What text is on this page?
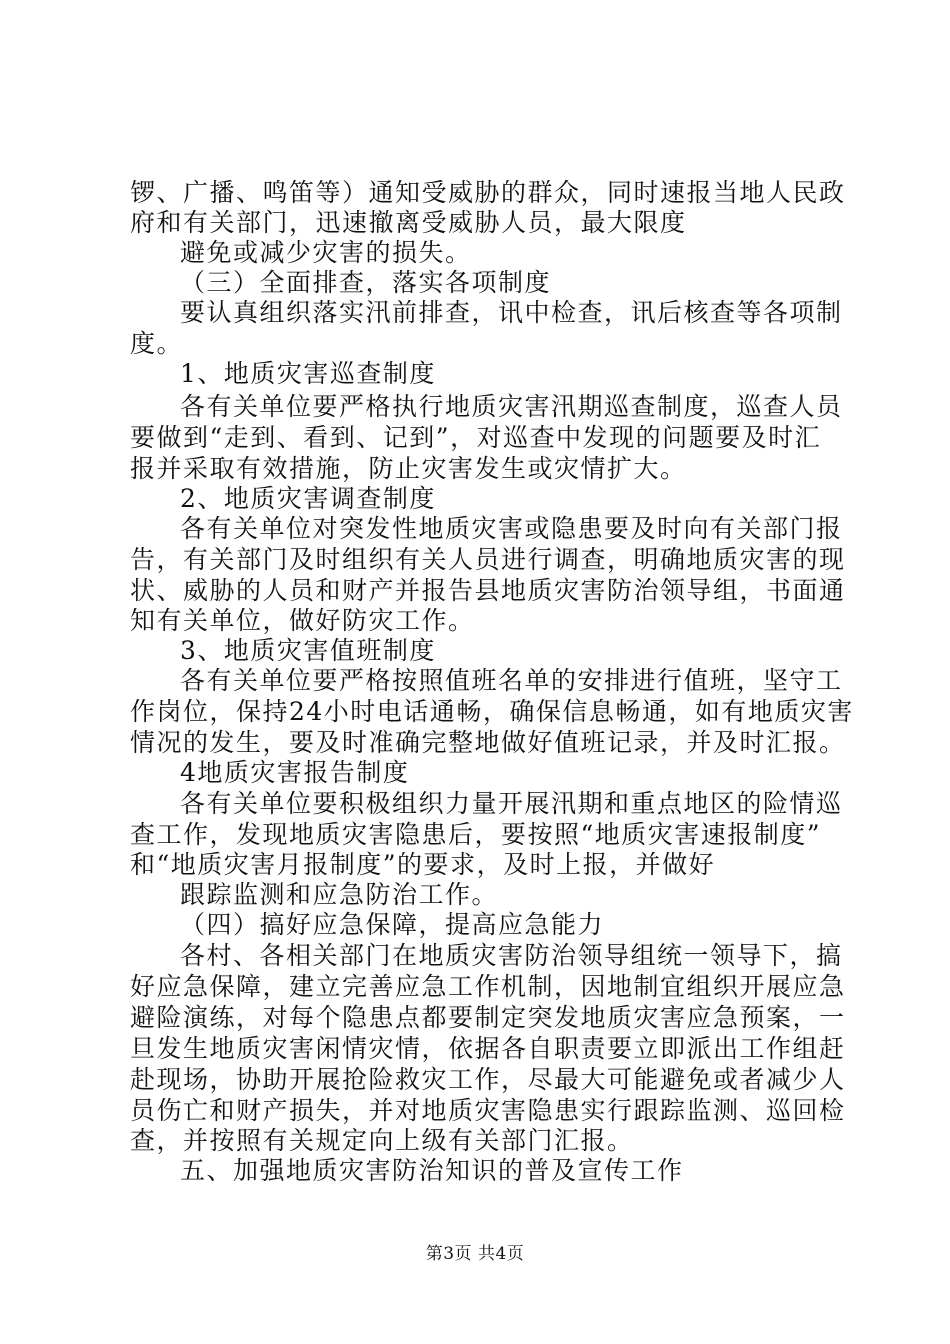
锣、广播、鸣笛等）通知受威胁的群众，同时速报当地人民政
府和有关部门，迅速撤离受威胁人员，最大限度
避免或减少灾害的损失。
（三）全面排查，落实各项制度
要认真组织落实汛前排查，讯中检查，讯后核查等各项制
度。
1、地质灾害巡查制度
各有关单位要严格执行地质灾害汛期巡查制度，巡查人员
要做到“走到、看到、记到”，对巡查中发现的问题要及时汇
报并采取有效措施，防止灾害发生或灾情扩大。
2、地质灾害调查制度
各有关单位对突发性地质灾害或隐患要及时向有关部门报
告，有关部门及时组织有关人员进行调查，明确地质灾害的现
状、威胁的人员和财产并报告县地质灾害防治领导组，书面通
知有关单位，做好防灾工作。
3、地质灾害值班制度
各有关单位要严格按照值班名单的安排进行值班，坚守工
作岗位，保持24小时电话通畅，确保信息畅通，如有地质灾害
情况的发生，要及时准确完整地做好值班记录，并及时汇报。
4地质灾害报告制度
各有关单位要积极组织力量开展汛期和重点地区的险情巡
查工作，发现地质灾害隐患后，要按照“地质灾害速报制度”
和“地质灾害月报制度”的要求，及时上报，并做好
跟踪监测和应急防治工作。
（四）搞好应急保障，提高应急能力
各村、各相关部门在地质灾害防治领导组统一领导下，搞
好应急保障，建立完善应急工作机制，因地制宜组织开展应急
避险演练，对每个隐患点都要制定突发地质灾害应急预案，一
旦发生地质灾害闲情灾情，依据各自职责要立即派出工作组赶
赴现场，协助开展抢险救灾工作，尽最大可能避免或者减少人
员伤亡和财产损失，并对地质灾害隐患实行跟踪监测、巡回检
查，并按照有关规定向上级有关部门汇报。
五、加强地质灾害防治知识的普及宣传工作
第3页 共4页
